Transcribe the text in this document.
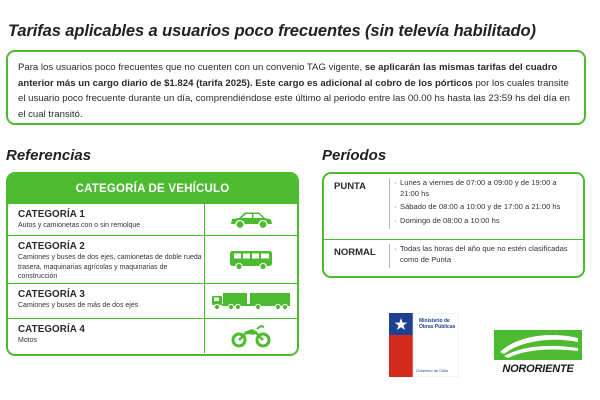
Tarifas aplicables a usuarios poco frecuentes (sin televía habilitado)
Para los usuarios poco frecuentes que no cuenten con un convenio TAG vigente, se aplicarán las mismas tarifas del cuadro anterior más un cargo diario de $1.824 (tarifa 2025). Este cargo es adicional al cobro de los pórticos por los cuales transite el usuario poco frecuente durante un día, comprendiéndose este último al periodo entre las 00.00 hs hasta las 23:59 hs del día en el cual transitó.
Referencias	Períodos
CATEGORÍA DE VEHÍCULO
CATEGORÍA 1
Autos y camionetas con o sin remolque
CATEGORÍA 2
Camiones y buses de dos ejes, camionetas de doble rueda trasera, maquinarias agrícolas y maquinarias de construcción
CATEGORÍA 3
Camiones y buses de más de dos ejes
CATEGORÍA 4
Motos
PUNTA	· Lunes a viernes de 07:00 a 09:00 y de 19:00 a 21:00 hs
· Sábado de 08:00 a 10:00 y de 17:00 a 21:00 hs
· Domingo de 08:00 a 10:00 hs
NORMAL	· Todas las horas del año que no estén clasificadas como de Punta
Ministerio de
Obras Públicas
Gobierno de Chile	NORORIENTE
